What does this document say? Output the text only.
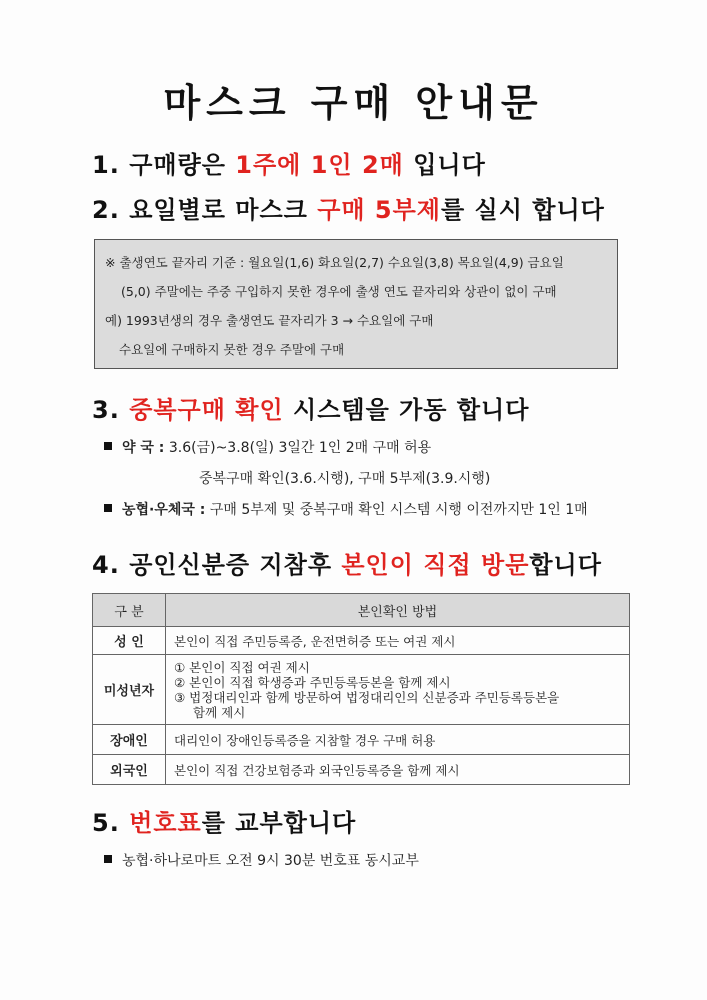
마스크 구매 안내문
1. 구매량은 1주에 1인 2매 입니다
2. 요일별로 마스크 구매 5부제를 실시 합니다
※ 출생연도 끝자리 기준 : 월요일(1,6) 화요일(2,7) 수요일(3,8) 목요일(4,9) 금요일
(5,0) 주말에는 주중 구입하지 못한 경우에 출생 연도 끝자리와 상관이 없이 구매
예) 1993년생의 경우 출생연도 끝자리가 3 → 수요일에 구매
수요일에 구매하지 못한 경우 주말에 구매
3. 중복구매 확인 시스템을 가동 합니다
약 국 : 3.6(금)~3.8(일) 3일간 1인 2매 구매 허용
중복구매 확인(3.6.시행), 구매 5부제(3.9.시행)
농협·우체국 : 구매 5부제 및 중복구매 확인 시스템 시행 이전까지만 1인 1매
4. 공인신분증 지참후 본인이 직접 방문합니다
구 분	본인확인 방법
성 인	본인이 직접 주민등록증, 운전면허증 또는 여권 제시
미성년자	① 본인이 직접 여권 제시
② 본인이 직접 학생증과 주민등록등본을 함께 제시
③ 법정대리인과 함께 방문하여 법정대리인의 신분증과 주민등록등본을
함께 제시

장애인	대리인이 장애인등록증을 지참할 경우 구매 허용
외국인	본인이 직접 건강보험증과 외국인등록증을 함께 제시
5. 번호표를 교부합니다
농협·하나로마트 오전 9시 30분 번호표 동시교부
